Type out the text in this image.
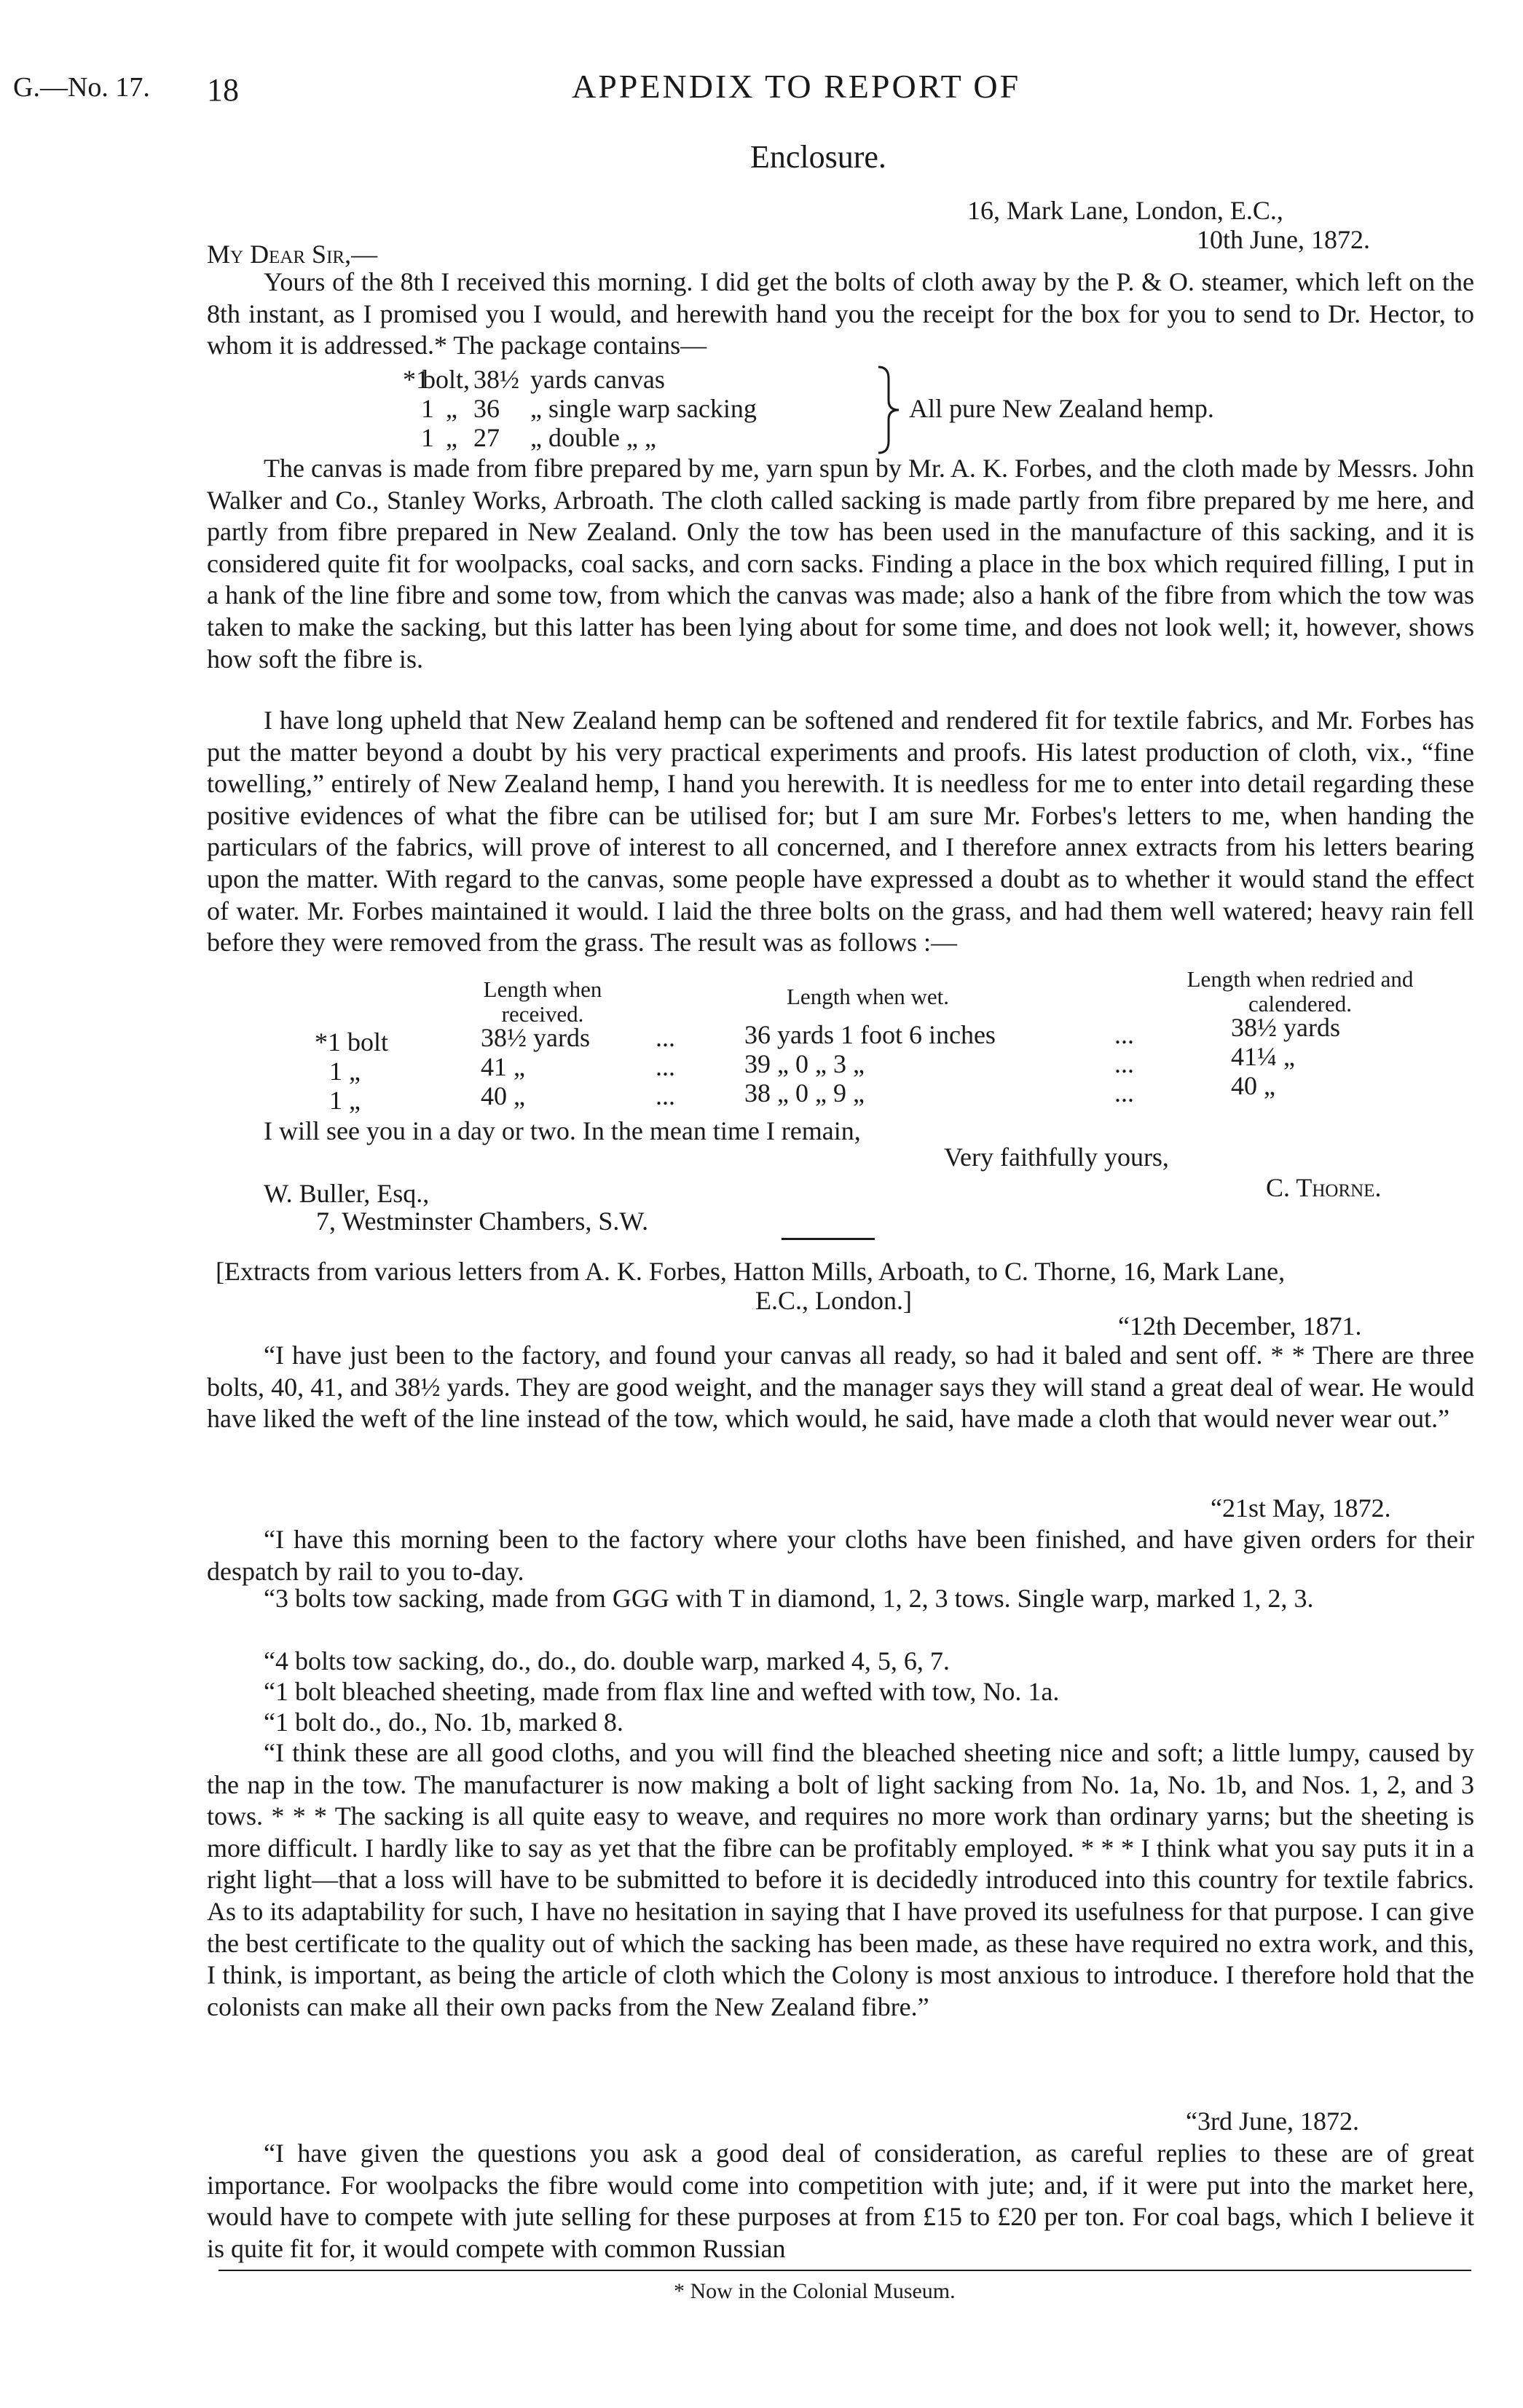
G.—No. 17. 18	APPENDIX TO REPORT OF
Enclosure.
16, Mark Lane, London, E.C.,
10th June, 1872.
My Dear Sir,—
Yours of the 8th I received this morning. I did get the bolts of cloth away by the P. & O. steamer, which left on the 8th instant, as I promised you I would, and herewith hand you the receipt for the box for you to send to Dr. Hector, to whom it is addressed.* The package contains—
*1
bolt, 38½ yards canvas
1 „ 36 „ single warp sacking
1 „ 27 „ double „ „
All pure New Zealand hemp.
The canvas is made from fibre prepared by me, yarn spun by Mr. A. K. Forbes, and the cloth made by Messrs. John Walker and Co., Stanley Works, Arbroath. The cloth called sacking is made partly from fibre prepared by me here, and partly from fibre prepared in New Zealand. Only the tow has been used in the manufacture of this sacking, and it is considered quite fit for woolpacks, coal sacks, and corn sacks. Finding a place in the box which required filling, I put in a hank of the line fibre and some tow, from which the canvas was made; also a hank of the fibre from which the tow was taken to make the sacking, but this latter has been lying about for some time, and does not look well; it, however, shows how soft the fibre is.
I have long upheld that New Zealand hemp can be softened and rendered fit for textile fabrics, and Mr. Forbes has put the matter beyond a doubt by his very practical experiments and proofs. His latest production of cloth, vix., “fine towelling,” entirely of New Zealand hemp, I hand you herewith. It is needless for me to enter into detail regarding these positive evidences of what the fibre can be utilised for; but I am sure Mr. Forbes's letters to me, when handing the particulars of the fabrics, will prove of interest to all concerned, and I therefore annex extracts from his letters bearing upon the matter. With regard to the canvas, some people have expressed a doubt as to whether it would stand the effect of water. Mr. Forbes maintained it would. I laid the three bolts on the grass, and had them well watered; heavy rain fell before they were removed from the grass. The result was as follows :—
Length when received.
Length when wet.
Length when redried and calendered.
*1 bolt	38½ yards	...	36 yards 1 foot 6 inches	...	38½ yards
1 „	41 „	...	39 „ 0 „ 3 „	...	41¼ „
1 „	40 „	...	38 „ 0 „ 9 „	...	40 „
I will see you in a day or two. In the mean time I remain,
Very faithfully yours,
C. Thorne.
W. Buller, Esq.,
7, Westminster Chambers, S.W.
[Extracts from various letters from A. K. Forbes, Hatton Mills, Arboath, to C. Thorne, 16, Mark Lane,
E.C., London.]
“12th December, 1871.
“I have just been to the factory, and found your canvas all ready, so had it baled and sent off. * * There are three bolts, 40, 41, and 38½ yards. They are good weight, and the manager says they will stand a great deal of wear. He would have liked the weft of the line instead of the tow, which would, he said, have made a cloth that would never wear out.”
“21st May, 1872.
“I have this morning been to the factory where your cloths have been finished, and have given orders for their despatch by rail to you to-day.
“3 bolts tow sacking, made from GGG with T in diamond, 1, 2, 3 tows. Single warp, marked 1, 2, 3.
“4 bolts tow sacking, do., do., do. double warp, marked 4, 5, 6, 7.
“1 bolt bleached sheeting, made from flax line and wefted with tow, No. 1a.
“1 bolt do., do., No. 1b, marked 8.
“I think these are all good cloths, and you will find the bleached sheeting nice and soft; a little lumpy, caused by the nap in the tow. The manufacturer is now making a bolt of light sacking from No. 1a, No. 1b, and Nos. 1, 2, and 3 tows. * * * The sacking is all quite easy to weave, and requires no more work than ordinary yarns; but the sheeting is more difficult. I hardly like to say as yet that the fibre can be profitably employed. * * * I think what you say puts it in a right light—that a loss will have to be submitted to before it is decidedly introduced into this country for textile fabrics. As to its adaptability for such, I have no hesitation in saying that I have proved its usefulness for that purpose. I can give the best certificate to the quality out of which the sacking has been made, as these have required no extra work, and this, I think, is important, as being the article of cloth which the Colony is most anxious to introduce. I therefore hold that the colonists can make all their own packs from the New Zealand fibre.”
“3rd June, 1872.
“I have given the questions you ask a good deal of consideration, as careful replies to these are of great importance. For woolpacks the fibre would come into competition with jute; and, if it were put into the market here, would have to compete with jute selling for these purposes at from £15 to £20 per ton. For coal bags, which I believe it is quite fit for, it would compete with common Russian
* Now in the Colonial Museum.
